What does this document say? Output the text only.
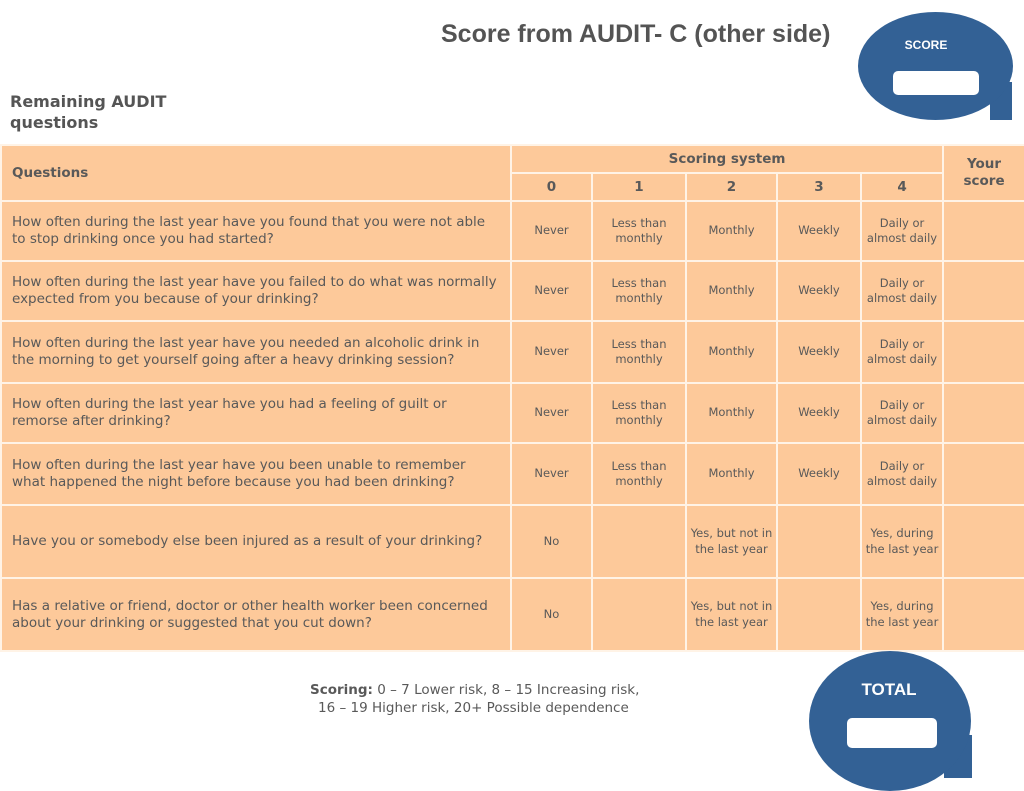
Score from AUDIT- C (other side)
Remaining AUDIT questions
SCORE
Questions	Scoring system					Your score
	0	1	2	3	4	
How often during the last year have you found that you were not able to stop drinking once you had started?	Never	Less than monthly	Monthly	Weekly	Daily or almost daily	
How often during the last year have you failed to do what was normally expected from you because of your drinking?	Never	Less than monthly	Monthly	Weekly	Daily or almost daily	
How often during the last year have you needed an alcoholic drink in the morning to get yourself going after a heavy drinking session?	Never	Less than monthly	Monthly	Weekly	Daily or almost daily	
How often during the last year have you had a feeling of guilt or remorse after drinking?	Never	Less than monthly	Monthly	Weekly	Daily or almost daily	
How often during the last year have you been unable to remember what happened the night before because you had been drinking?	Never	Less than monthly	Monthly	Weekly	Daily or almost daily	
Have you or somebody else been injured as a result of your drinking?	No		Yes, but not in the last year		Yes, during the last year	
Has a relative or friend, doctor or other health worker been concerned about your drinking or suggested that you cut down?	No		Yes, but not in the last year		Yes, during the last year	
Scoring: 0 – 7 Lower risk, 8 – 15 Increasing risk,
16 – 19 Higher risk, 20+ Possible dependence
TOTAL
